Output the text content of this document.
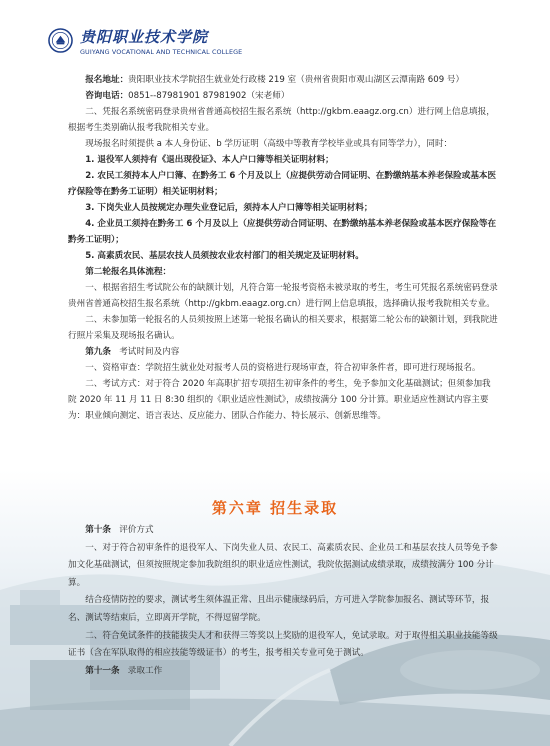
贵阳职业技术学院
GUIYANG VOCATIONAL AND TECHNICAL COLLEGE

报名地址：贵阳职业技术学院招生就业处行政楼 219 室（贵州省贵阳市观山湖区云潭南路 609 号）

咨询电话：0851--87981901 87981902（宋老师）

二、凭报名系统密码登录贵州省普通高校招生报名系统（http://gkbm.eaagz.org.cn）进行网上信息填报，根据考生类别确认报考我院相关专业。

现场报名时须提供 a 本人身份证、b 学历证明（高级中等教育学校毕业或具有同等学力），同时：

1. 退役军人须持有《退出现役证》、本人户口簿等相关证明材料；

2. 农民工须持本人户口簿、在黔务工 6 个月及以上（应提供劳动合同证明、在黔缴纳基本养老保险或基本医疗保险等在黔务工证明）相关证明材料；

3. 下岗失业人员按规定办理失业登记后，须持本人户口簿等相关证明材料；

4. 企业员工须持在黔务工 6 个月及以上（应提供劳动合同证明、在黔缴纳基本养老保险或基本医疗保险等在黔务工证明）；

5. 高素质农民、基层农技人员须按农业农村部门的相关规定及证明材料。

第二轮报名具体流程：

一、根据省招生考试院公布的缺额计划，凡符合第一轮报考资格未被录取的考生，考生可凭报名系统密码登录贵州省普通高校招生报名系统（http://gkbm.eaagz.org.cn）进行网上信息填报，选择确认报考我院相关专业。

二、未参加第一轮报名的人员须按照上述第一轮报名确认的相关要求，根据第二轮公布的缺额计划，到我院进行照片采集及现场报名确认。

第九条 考试时间及内容

一、资格审查：学院招生就业处对报考人员的资格进行现场审查，符合初审条件者，即可进行现场报名。

二、考试方式：对于符合 2020 年高职扩招专项招生初审条件的考生，免予参加文化基础测试；但须参加我院 2020 年 11 月 11 日 8:30 组织的《职业适应性测试》，成绩按满分 100 分计算。职业适应性测试内容主要为：职业倾向测定、语言表达、反应能力、团队合作能力、特长展示、创新思维等。

第六章 招生录取

第十条 评价方式

一、对于符合初审条件的退役军人、下岗失业人员、农民工、高素质农民、企业员工和基层农技人员等免予参加文化基础测试，但须按照规定参加我院组织的职业适应性测试，我院依据测试成绩录取，成绩按满分 100 分计算。

结合疫情防控的要求，测试考生须体温正常、且出示健康绿码后，方可进入学院参加报名、测试等环节，报名、测试等结束后，立即离开学院，不得逗留学院。

二、符合免试条件的技能拔尖人才和获得三等奖以上奖励的退役军人，免试录取。对于取得相关职业技能等级证书（含在军队取得的相应技能等级证书）的考生，报考相关专业可免于测试。

第十一条 录取工作
